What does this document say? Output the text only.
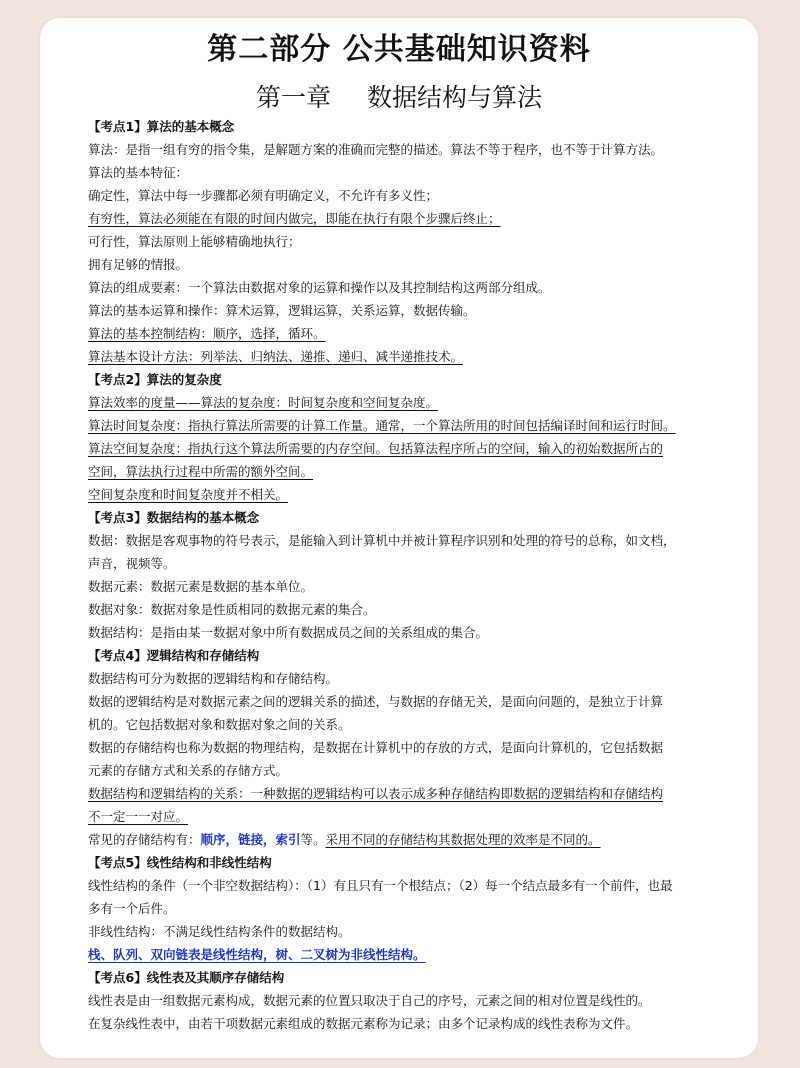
第二部分 公共基础知识资料
第一章 数据结构与算法
【考点1】算法的基本概念
算法：是指一组有穷的指令集，是解题方案的准确而完整的描述。算法不等于程序，也不等于计算方法。
算法的基本特征：
确定性，算法中每一步骤都必须有明确定义，不允许有多义性；
有穷性，算法必须能在有限的时间内做完，即能在执行有限个步骤后终止；
可行性，算法原则上能够精确地执行；
拥有足够的情报。
算法的组成要素：一个算法由数据对象的运算和操作以及其控制结构这两部分组成。
算法的基本运算和操作：算术运算，逻辑运算，关系运算，数据传输。
算法的基本控制结构：顺序，选择，循环。
算法基本设计方法：列举法、归纳法、递推、递归、减半递推技术。
【考点2】算法的复杂度
算法效率的度量——算法的复杂度：时间复杂度和空间复杂度。
算法时间复杂度：指执行算法所需要的计算工作量。通常，一个算法所用的时间包括编译时间和运行时间。
算法空间复杂度：指执行这个算法所需要的内存空间。包括算法程序所占的空间，输入的初始数据所占的
空间，算法执行过程中所需的额外空间。
空间复杂度和时间复杂度并不相关。
【考点3】数据结构的基本概念
数据：数据是客观事物的符号表示，是能输入到计算机中并被计算程序识别和处理的符号的总称，如文档，
声音，视频等。
数据元素：数据元素是数据的基本单位。
数据对象：数据对象是性质相同的数据元素的集合。
数据结构：是指由某一数据对象中所有数据成员之间的关系组成的集合。
【考点4】逻辑结构和存储结构
数据结构可分为数据的逻辑结构和存储结构。
数据的逻辑结构是对数据元素之间的逻辑关系的描述，与数据的存储无关，是面向问题的，是独立于计算
机的。它包括数据对象和数据对象之间的关系。
数据的存储结构也称为数据的物理结构，是数据在计算机中的存放的方式，是面向计算机的，它包括数据
元素的存储方式和关系的存储方式。
数据结构和逻辑结构的关系：一种数据的逻辑结构可以表示成多种存储结构即数据的逻辑结构和存储结构
不一定一一对应。
常见的存储结构有：顺序，链接，索引等。采用不同的存储结构其数据处理的效率是不同的。
【考点5】线性结构和非线性结构
线性结构的条件（一个非空数据结构）：（1）有且只有一个根结点；（2）每一个结点最多有一个前件，也最
多有一个后件。
非线性结构：不满足线性结构条件的数据结构。
栈、队列、双向链表是线性结构，树、二叉树为非线性结构。
【考点6】线性表及其顺序存储结构
线性表是由一组数据元素构成，数据元素的位置只取决于自己的序号，元素之间的相对位置是线性的。
在复杂线性表中，由若干项数据元素组成的数据元素称为记录；由多个记录构成的线性表称为文件。
